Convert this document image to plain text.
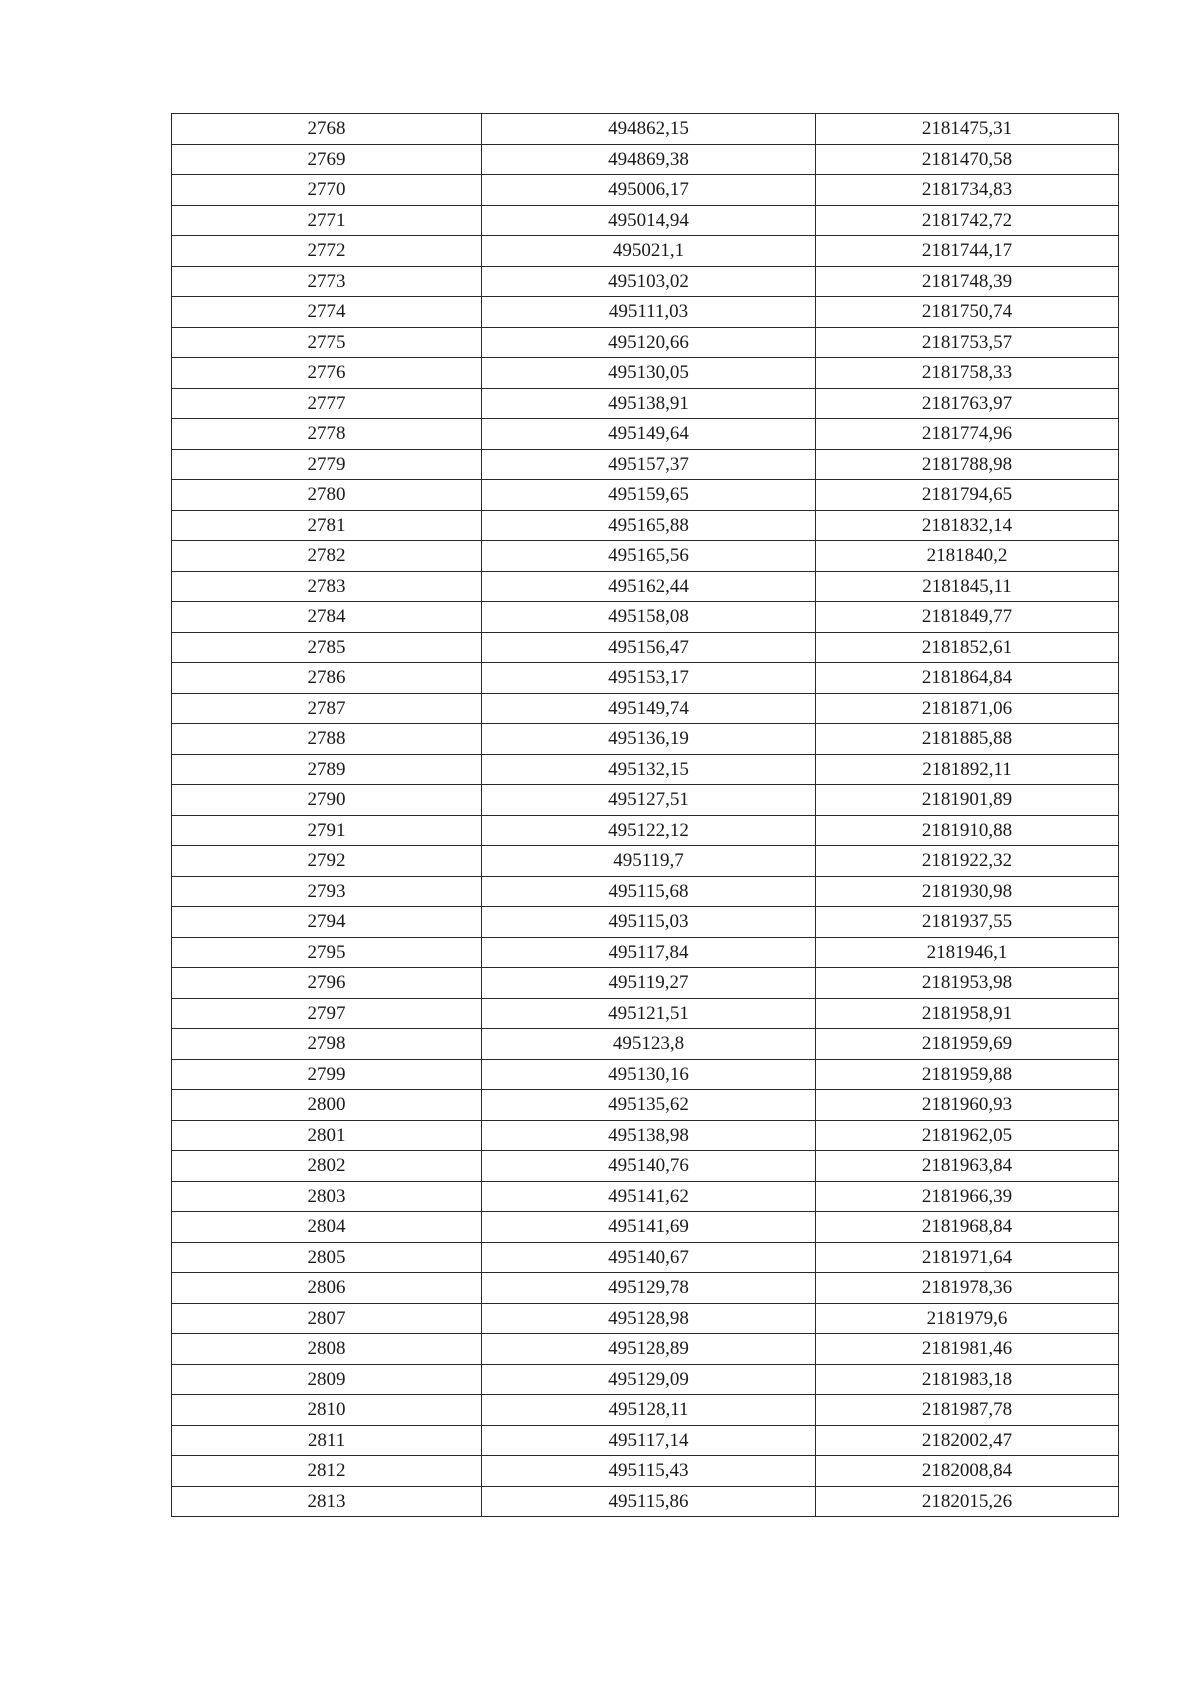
2768	494862,15	2181475,31
2769	494869,38	2181470,58
2770	495006,17	2181734,83
2771	495014,94	2181742,72
2772	495021,1	2181744,17
2773	495103,02	2181748,39
2774	495111,03	2181750,74
2775	495120,66	2181753,57
2776	495130,05	2181758,33
2777	495138,91	2181763,97
2778	495149,64	2181774,96
2779	495157,37	2181788,98
2780	495159,65	2181794,65
2781	495165,88	2181832,14
2782	495165,56	2181840,2
2783	495162,44	2181845,11
2784	495158,08	2181849,77
2785	495156,47	2181852,61
2786	495153,17	2181864,84
2787	495149,74	2181871,06
2788	495136,19	2181885,88
2789	495132,15	2181892,11
2790	495127,51	2181901,89
2791	495122,12	2181910,88
2792	495119,7	2181922,32
2793	495115,68	2181930,98
2794	495115,03	2181937,55
2795	495117,84	2181946,1
2796	495119,27	2181953,98
2797	495121,51	2181958,91
2798	495123,8	2181959,69
2799	495130,16	2181959,88
2800	495135,62	2181960,93
2801	495138,98	2181962,05
2802	495140,76	2181963,84
2803	495141,62	2181966,39
2804	495141,69	2181968,84
2805	495140,67	2181971,64
2806	495129,78	2181978,36
2807	495128,98	2181979,6
2808	495128,89	2181981,46
2809	495129,09	2181983,18
2810	495128,11	2181987,78
2811	495117,14	2182002,47
2812	495115,43	2182008,84
2813	495115,86	2182015,26
